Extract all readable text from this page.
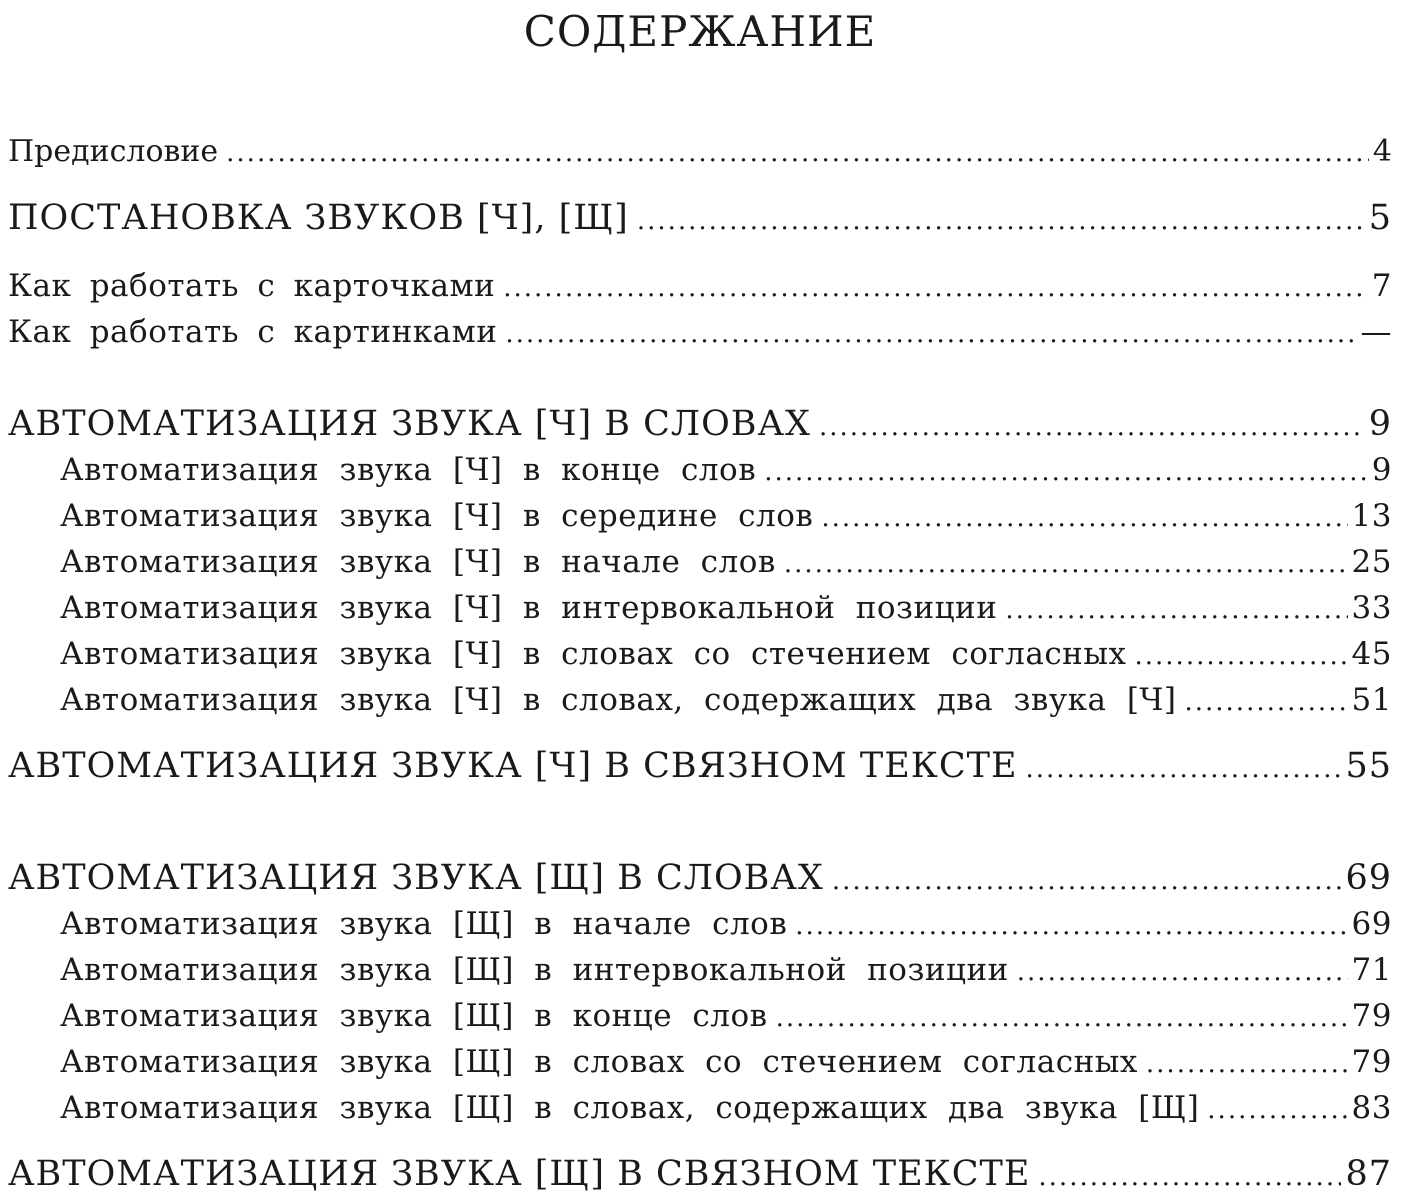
СОДЕРЖАНИЕ
Предисловие .....	4
ПОСТАНОВКА ЗВУКОВ [Ч], [Щ] .....	5
Как работать с карточками .....	7
Как работать с картинками .....	—
АВТОМАТИЗАЦИЯ ЗВУКА [Ч] В СЛОВАХ .....	9
Автоматизация звука [Ч] в конце слов .....	9
Автоматизация звука [Ч] в середине слов .....	13
Автоматизация звука [Ч] в начале слов .....	25
Автоматизация звука [Ч] в интервокальной позиции .....	33
Автоматизация звука [Ч] в словах со стечением согласных .....	45
Автоматизация звука [Ч] в словах, содержащих два звука [Ч] .....	51
АВТОМАТИЗАЦИЯ ЗВУКА [Ч] В СВЯЗНОМ ТЕКСТЕ .....	55
АВТОМАТИЗАЦИЯ ЗВУКА [Щ] В СЛОВАХ .....	69
Автоматизация звука [Щ] в начале слов .....	69
Автоматизация звука [Щ] в интервокальной позиции .....	71
Автоматизация звука [Щ] в конце слов .....	79
Автоматизация звука [Щ] в словах со стечением согласных .....	79
Автоматизация звука [Щ] в словах, содержащих два звука [Щ] .....	83
АВТОМАТИЗАЦИЯ ЗВУКА [Щ] В СВЯЗНОМ ТЕКСТЕ .....	87
